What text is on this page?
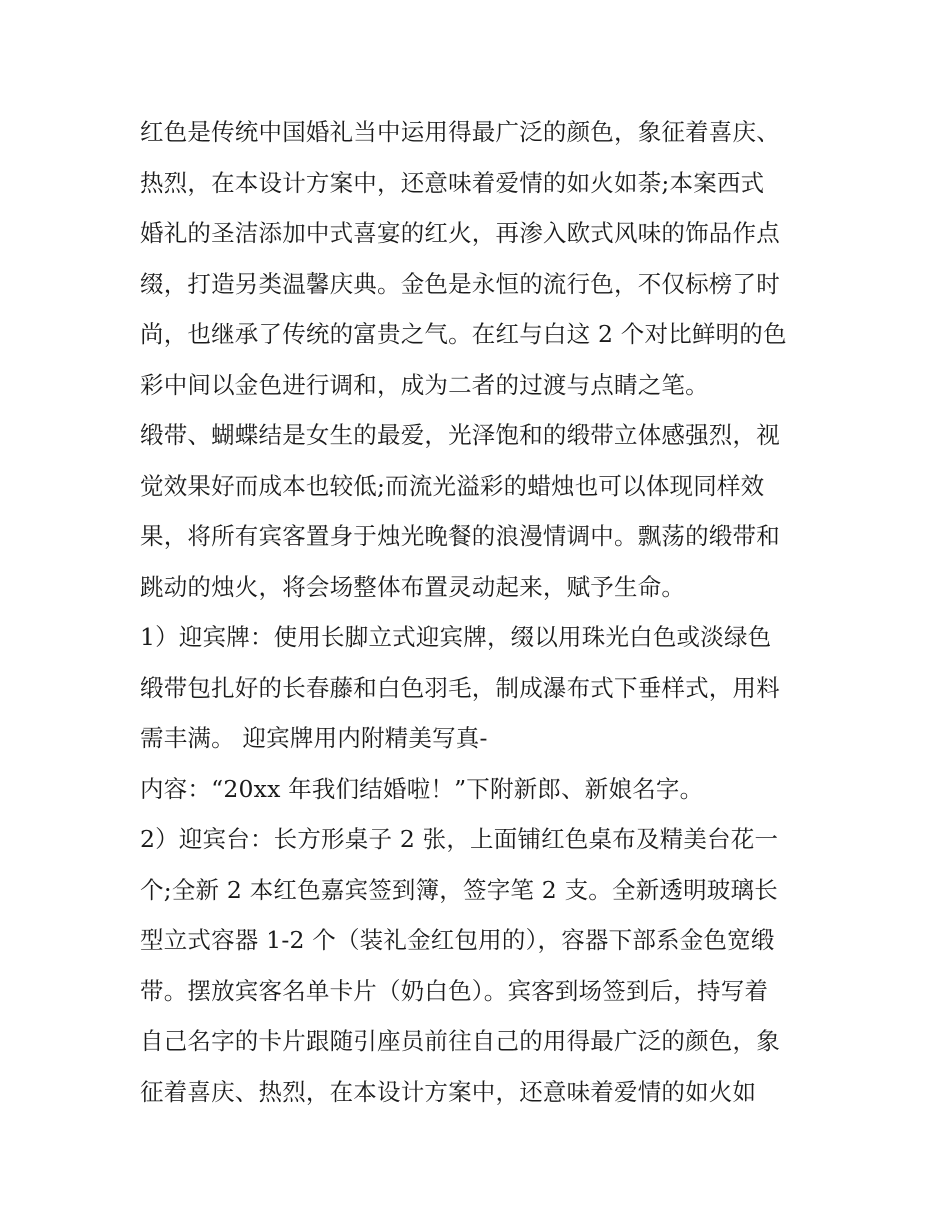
红色是传统中国婚礼当中运用得最广泛的颜色，象征着喜庆、
热烈，在本设计方案中，还意味着爱情的如火如荼;本案西式
婚礼的圣洁添加中式喜宴的红火，再渗入欧式风味的饰品作点
缀，打造另类温馨庆典。金色是永恒的流行色，不仅标榜了时
尚，也继承了传统的富贵之气。在红与白这 2 个对比鲜明的色
彩中间以金色进行调和，成为二者的过渡与点睛之笔。
缎带、蝴蝶结是女生的最爱，光泽饱和的缎带立体感强烈，视
觉效果好而成本也较低;而流光溢彩的蜡烛也可以体现同样效
果，将所有宾客置身于烛光晚餐的浪漫情调中。飘荡的缎带和
跳动的烛火，将会场整体布置灵动起来，赋予生命。
1）迎宾牌：使用长脚立式迎宾牌，缀以用珠光白色或淡绿色
缎带包扎好的长春藤和白色羽毛，制成瀑布式下垂样式，用料
需丰满。 迎宾牌用内附精美写真-
内容：“20xx 年我们结婚啦！”下附新郎、新娘名字。
2）迎宾台：长方形桌子 2 张，上面铺红色桌布及精美台花一
个;全新 2 本红色嘉宾签到簿，签字笔 2 支。全新透明玻璃长
型立式容器 1-2 个（装礼金红包用的），容器下部系金色宽缎
带。摆放宾客名单卡片（奶白色）。宾客到场签到后，持写着
自己名字的卡片跟随引座员前往自己的用得最广泛的颜色，象
征着喜庆、热烈，在本设计方案中，还意味着爱情的如火如
